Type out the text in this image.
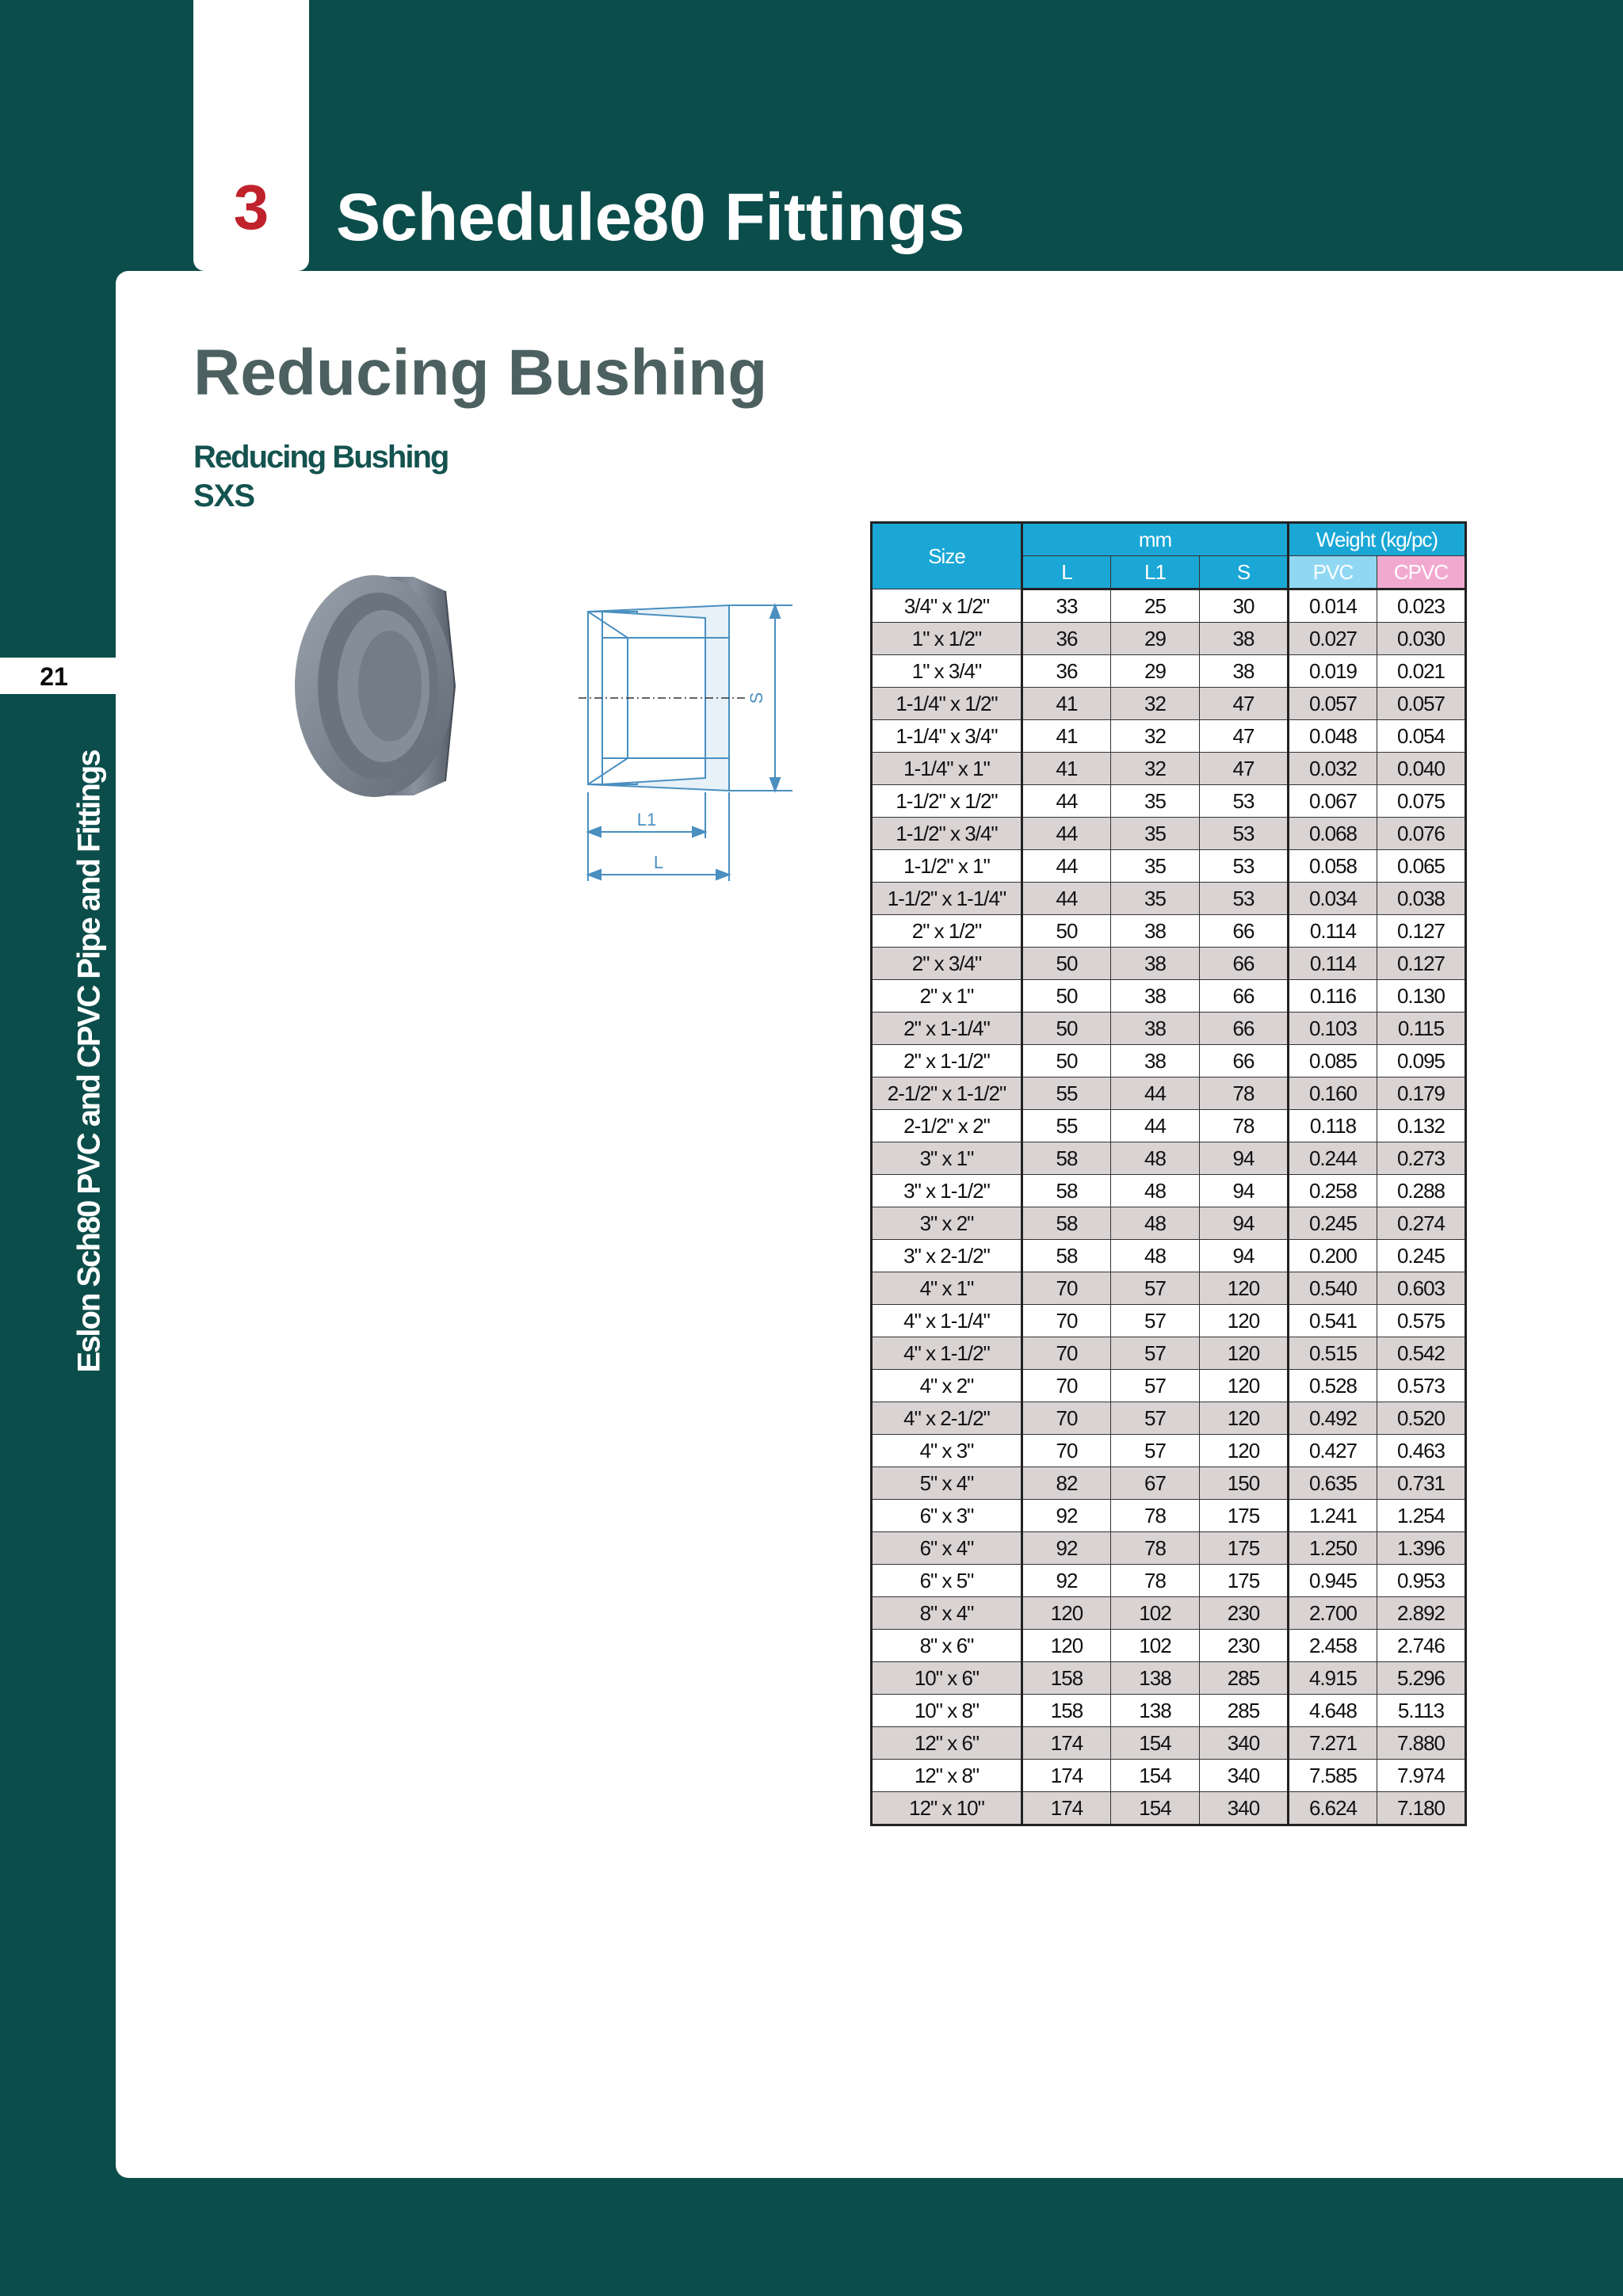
3	Schedule80 Fittings
21
Eslon Sch80 PVC and CPVC Pipe and Fittings
Reducing Bushing
Reducing Bushing
SXS
S
L1
L
Size	mm			Weight (kg/pc)	
	L	L1	S	PVC	CPVC
3/4" x 1/2"	33	25	30	0.014	0.023
1" x 1/2"	36	29	38	0.027	0.030
1" x 3/4"	36	29	38	0.019	0.021
1-1/4" x 1/2"	41	32	47	0.057	0.057
1-1/4" x 3/4"	41	32	47	0.048	0.054
1-1/4" x 1"	41	32	47	0.032	0.040
1-1/2" x 1/2"	44	35	53	0.067	0.075
1-1/2" x 3/4"	44	35	53	0.068	0.076
1-1/2" x 1"	44	35	53	0.058	0.065
1-1/2" x 1-1/4"	44	35	53	0.034	0.038
2" x 1/2"	50	38	66	0.114	0.127
2" x 3/4"	50	38	66	0.114	0.127
2" x 1"	50	38	66	0.116	0.130
2" x 1-1/4"	50	38	66	0.103	0.115
2" x 1-1/2"	50	38	66	0.085	0.095
2-1/2" x 1-1/2"	55	44	78	0.160	0.179
2-1/2" x 2"	55	44	78	0.118	0.132
3" x 1"	58	48	94	0.244	0.273
3" x 1-1/2"	58	48	94	0.258	0.288
3" x 2"	58	48	94	0.245	0.274
3" x 2-1/2"	58	48	94	0.200	0.245
4" x 1"	70	57	120	0.540	0.603
4" x 1-1/4"	70	57	120	0.541	0.575
4" x 1-1/2"	70	57	120	0.515	0.542
4" x 2"	70	57	120	0.528	0.573
4" x 2-1/2"	70	57	120	0.492	0.520
4" x 3"	70	57	120	0.427	0.463
5" x 4"	82	67	150	0.635	0.731
6" x 3"	92	78	175	1.241	1.254
6" x 4"	92	78	175	1.250	1.396
6" x 5"	92	78	175	0.945	0.953
8" x 4"	120	102	230	2.700	2.892
8" x 6"	120	102	230	2.458	2.746
10" x 6"	158	138	285	4.915	5.296
10" x 8"	158	138	285	4.648	5.113
12" x 6"	174	154	340	7.271	7.880
12" x 8"	174	154	340	7.585	7.974
12" x 10"	174	154	340	6.624	7.180
